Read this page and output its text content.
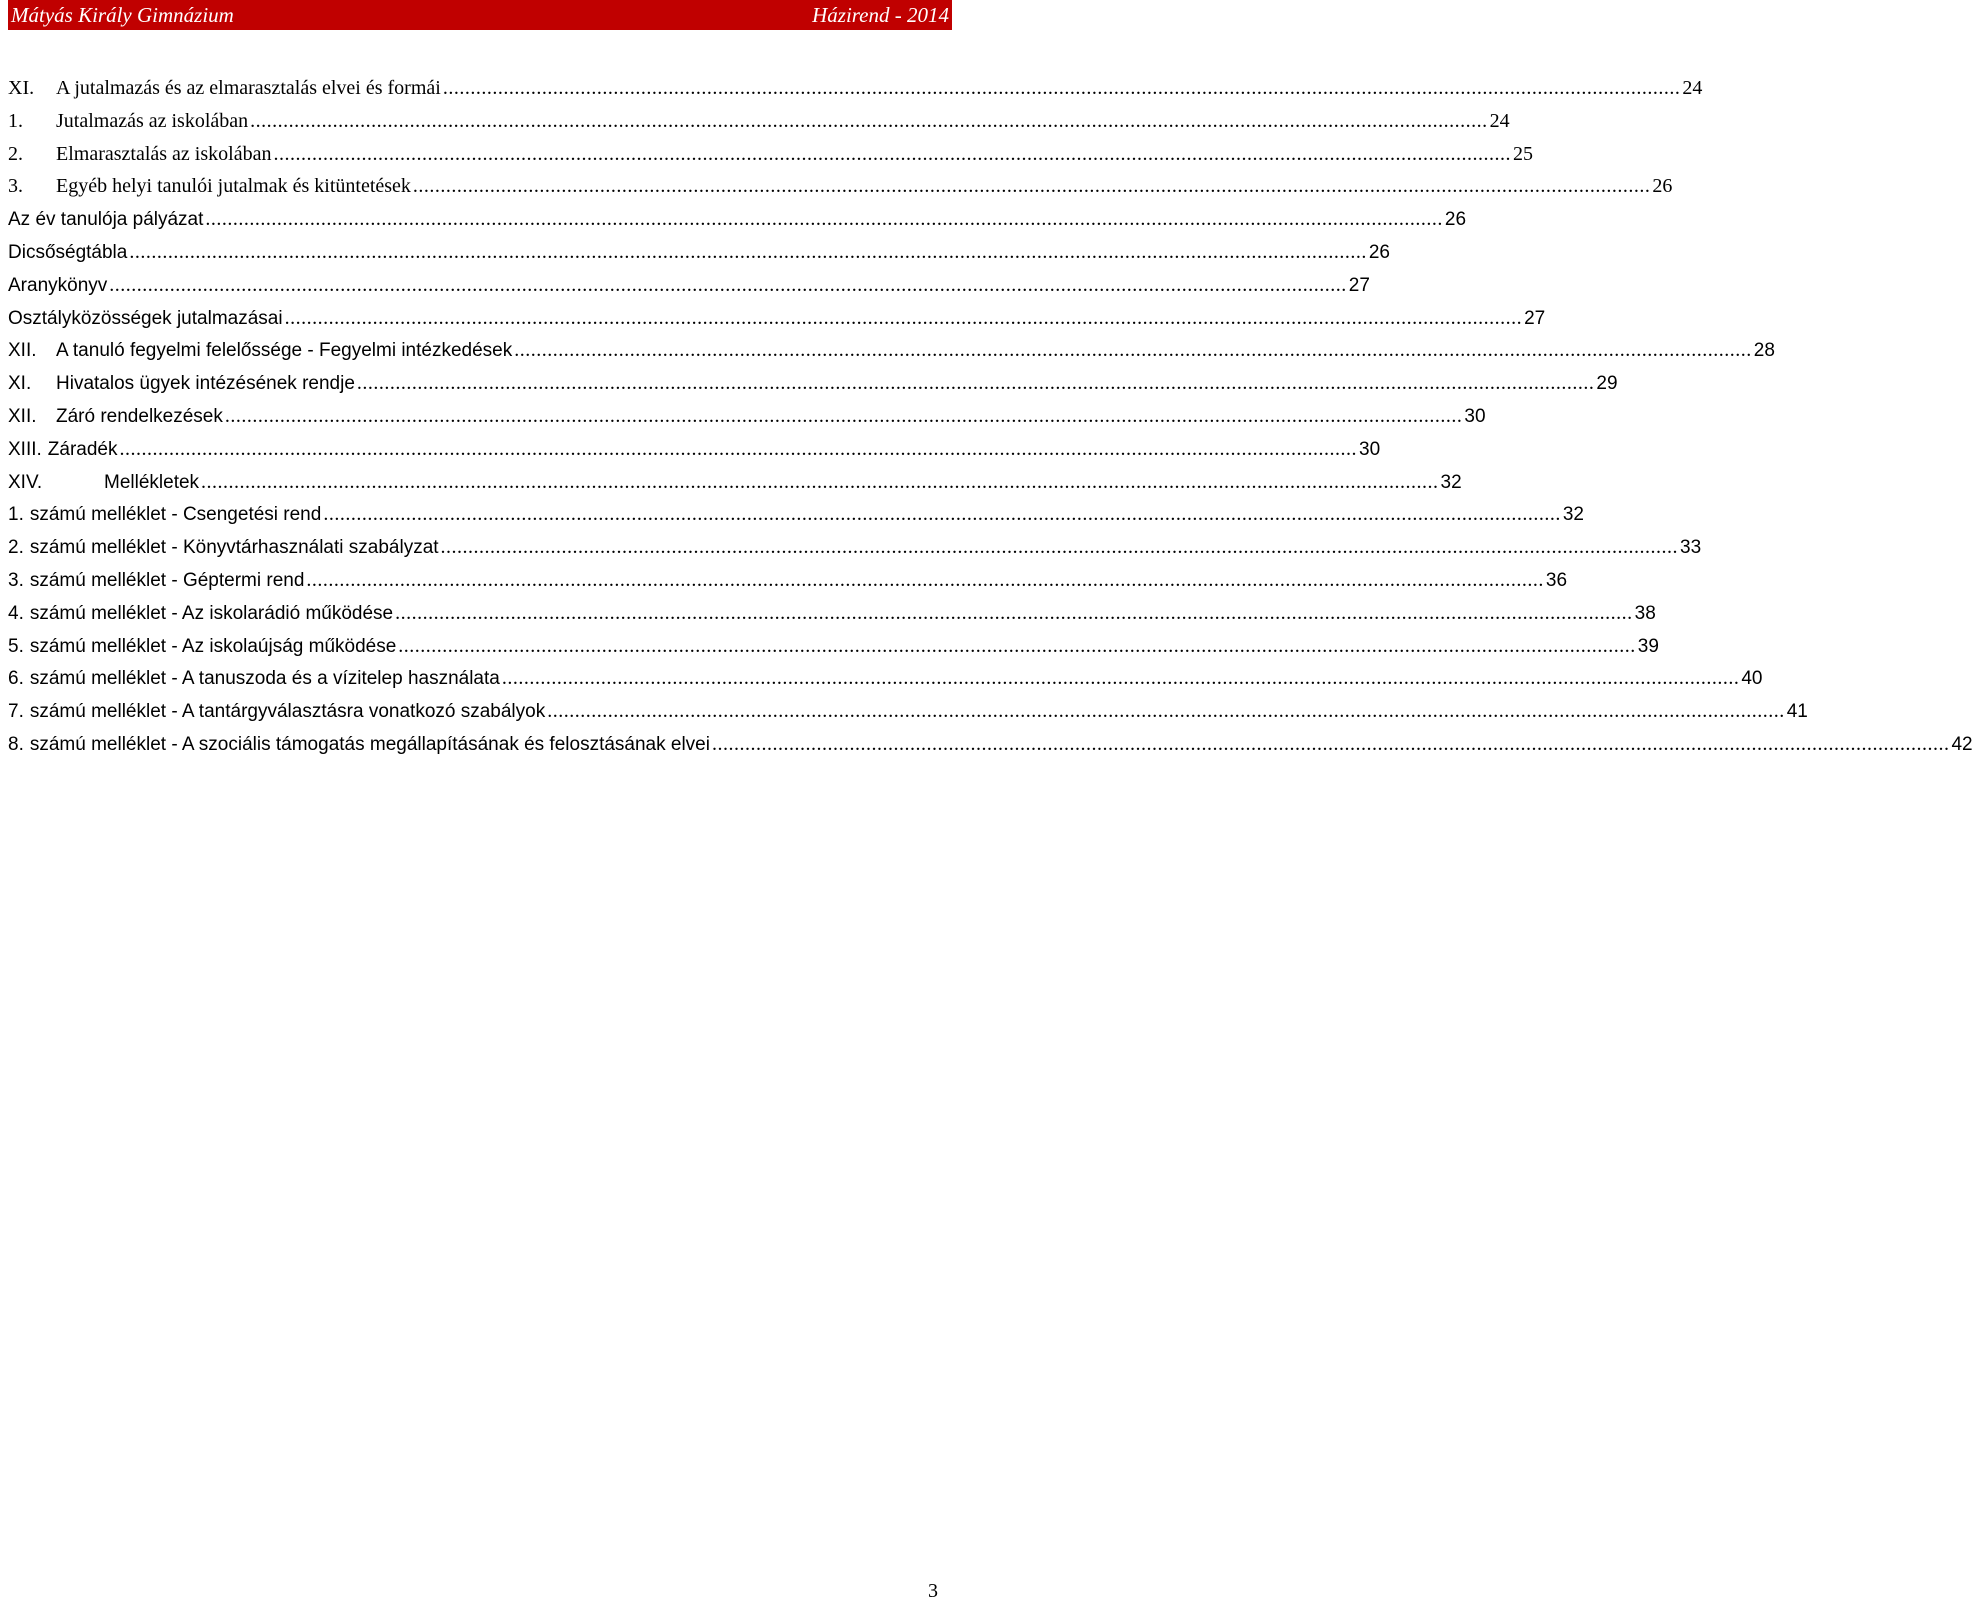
Mátyás Király Gimnázium	Házirend - 2014
XI.	A jutalmazás és az elmarasztalás elvei és formái .....	24
1.	Jutalmazás az iskolában .....	24
2.	Elmarasztalás az iskolában .....	25
3.	Egyéb helyi tanulói jutalmak és kitüntetések .....	26
Az év tanulója pályázat .....	26
Dicsőségtábla .....	26
Aranykönyv .....	27
Osztályközösségek jutalmazásai .....	27
XII.	A tanuló fegyelmi felelőssége - Fegyelmi intézkedések .....	28
XI.	Hivatalos ügyek intézésének rendje .....	29
XII.	Záró rendelkezések .....	30
XIII. Záradék .....	30
XIV.	Mellékletek .....	32
1. számú melléklet - Csengetési rend .....	32
2. számú melléklet - Könyvtárhasználati szabályzat .....	33
3. számú melléklet - Géptermi rend .....	36
4. számú melléklet - Az iskolarádió működése .....	38
5. számú melléklet - Az iskolaújság működése .....	39
6. számú melléklet - A tanuszoda és a vízitelep használata .....	40
7. számú melléklet - A tantárgyválasztásra vonatkozó szabályok .....	41
8. számú melléklet - A szociális támogatás megállapításának és felosztásának elvei .....	42
3
